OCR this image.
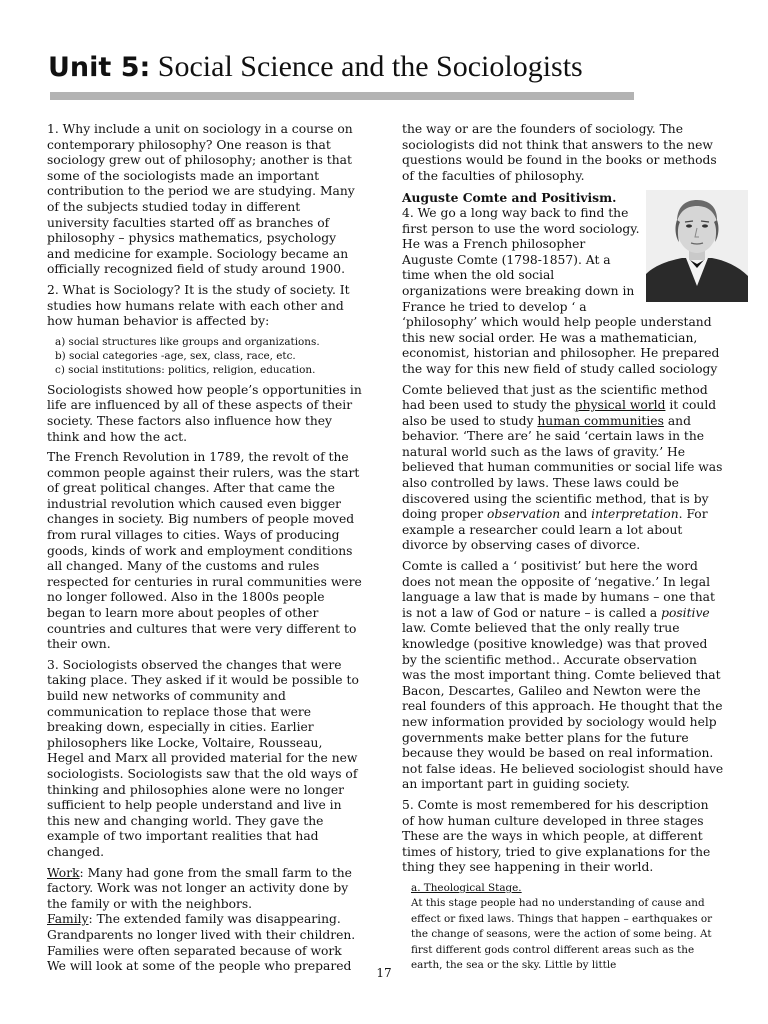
Unit 5: Social Science and the Sociologists

1. Why include a unit on sociology in a course on contemporary philosophy? One reason is that sociology grew out of philosophy; another is that some of the sociologists made an important contribution to the period we are studying. Many of the subjects studied today in different university faculties started off as branches of philosophy – physics mathematics, psychology and medicine for example. Sociology became an officially recognized field of study around 1900.

2. What is Sociology? It is the study of society. It studies how humans relate with each other and how human behavior is affected by:

a) social structures like groups and organizations.
b) social categories -age, sex, class, race, etc.
c) social institutions: politics, religion, education.

Sociologists showed how people’s opportunities in life are influenced by all of these aspects of their society. These factors also influence how they think and how the act.

The French Revolution in 1789, the revolt of the common people against their rulers, was the start of great political changes. After that came the industrial revolution which caused even bigger changes in society. Big numbers of people moved from rural villages to cities. Ways of producing goods, kinds of work and employment conditions all changed. Many of the customs and rules respected for centuries in rural communities were no longer followed. Also in the 1800s people began to learn more about peoples of other countries and cultures that were very different to their own.

3. Sociologists observed the changes that were taking place. They asked if it would be possible to build new networks of community and communication to replace those that were breaking down, especially in cities. Earlier philosophers like Locke, Voltaire, Rousseau, Hegel and Marx all provided material for the new sociologists. Sociologists saw that the old ways of thinking and philosophies alone were no longer sufficient to help people understand and live in this new and changing world. They gave the example of two important realities that had changed.

Work: Many had gone from the small farm to the factory. Work was not longer an activity done by the family or with the neighbors.
Family: The extended family was disappearing. Grandparents no longer lived with their children. Families were often separated because of work
We will look at some of the people who prepared

the way or are the founders of sociology. The sociologists did not think that answers to the new questions would be found in the books or methods of the faculties of philosophy.

Auguste Comte and Positivism.

4. We go a long way back to find the first person to use the word sociology. He was a French philosopher Auguste Comte (1798-1857). At a time when the old social organizations were breaking down in France he tried to develop ‘ a ‘philosophy’ which would help people understand this new social order. He was a mathematician, economist, historian and philosopher. He prepared the way for this new field of study called sociology

Comte believed that just as the scientific method had been used to study the physical world it could also be used to study human communities and behavior. ‘There are’ he said ‘certain laws in the natural world such as the laws of gravity.’ He believed that human communities or social life was also controlled by laws. These laws could be discovered using the scientific method, that is by doing proper observation and interpretation. For example a researcher could learn a lot about divorce by observing cases of divorce.

Comte is called a ‘ positivist’ but here the word does not mean the opposite of ‘negative.’ In legal language a law that is made by humans – one that is not a law of God or nature – is called a positive law. Comte believed that the only really true knowledge (positive knowledge) was that proved by the scientific method.. Accurate observation was the most important thing. Comte believed that Bacon, Descartes, Galileo and Newton were the real founders of this approach. He thought that the new information provided by sociology would help governments make better plans for the future because they would be based on real information. not false ideas. He believed sociologist should have an important part in guiding society.

5. Comte is most remembered for his description of how human culture developed in three stages These are the ways in which people, at different times of history, tried to give explanations for the thing they see happening in their world.

a. Theological Stage.
At this stage people had no understanding of cause and effect or fixed laws. Things that happen – earthquakes or the change of seasons, were the action of some being. At first different gods control different areas such as the earth, the sea or the sky. Little by little
17
